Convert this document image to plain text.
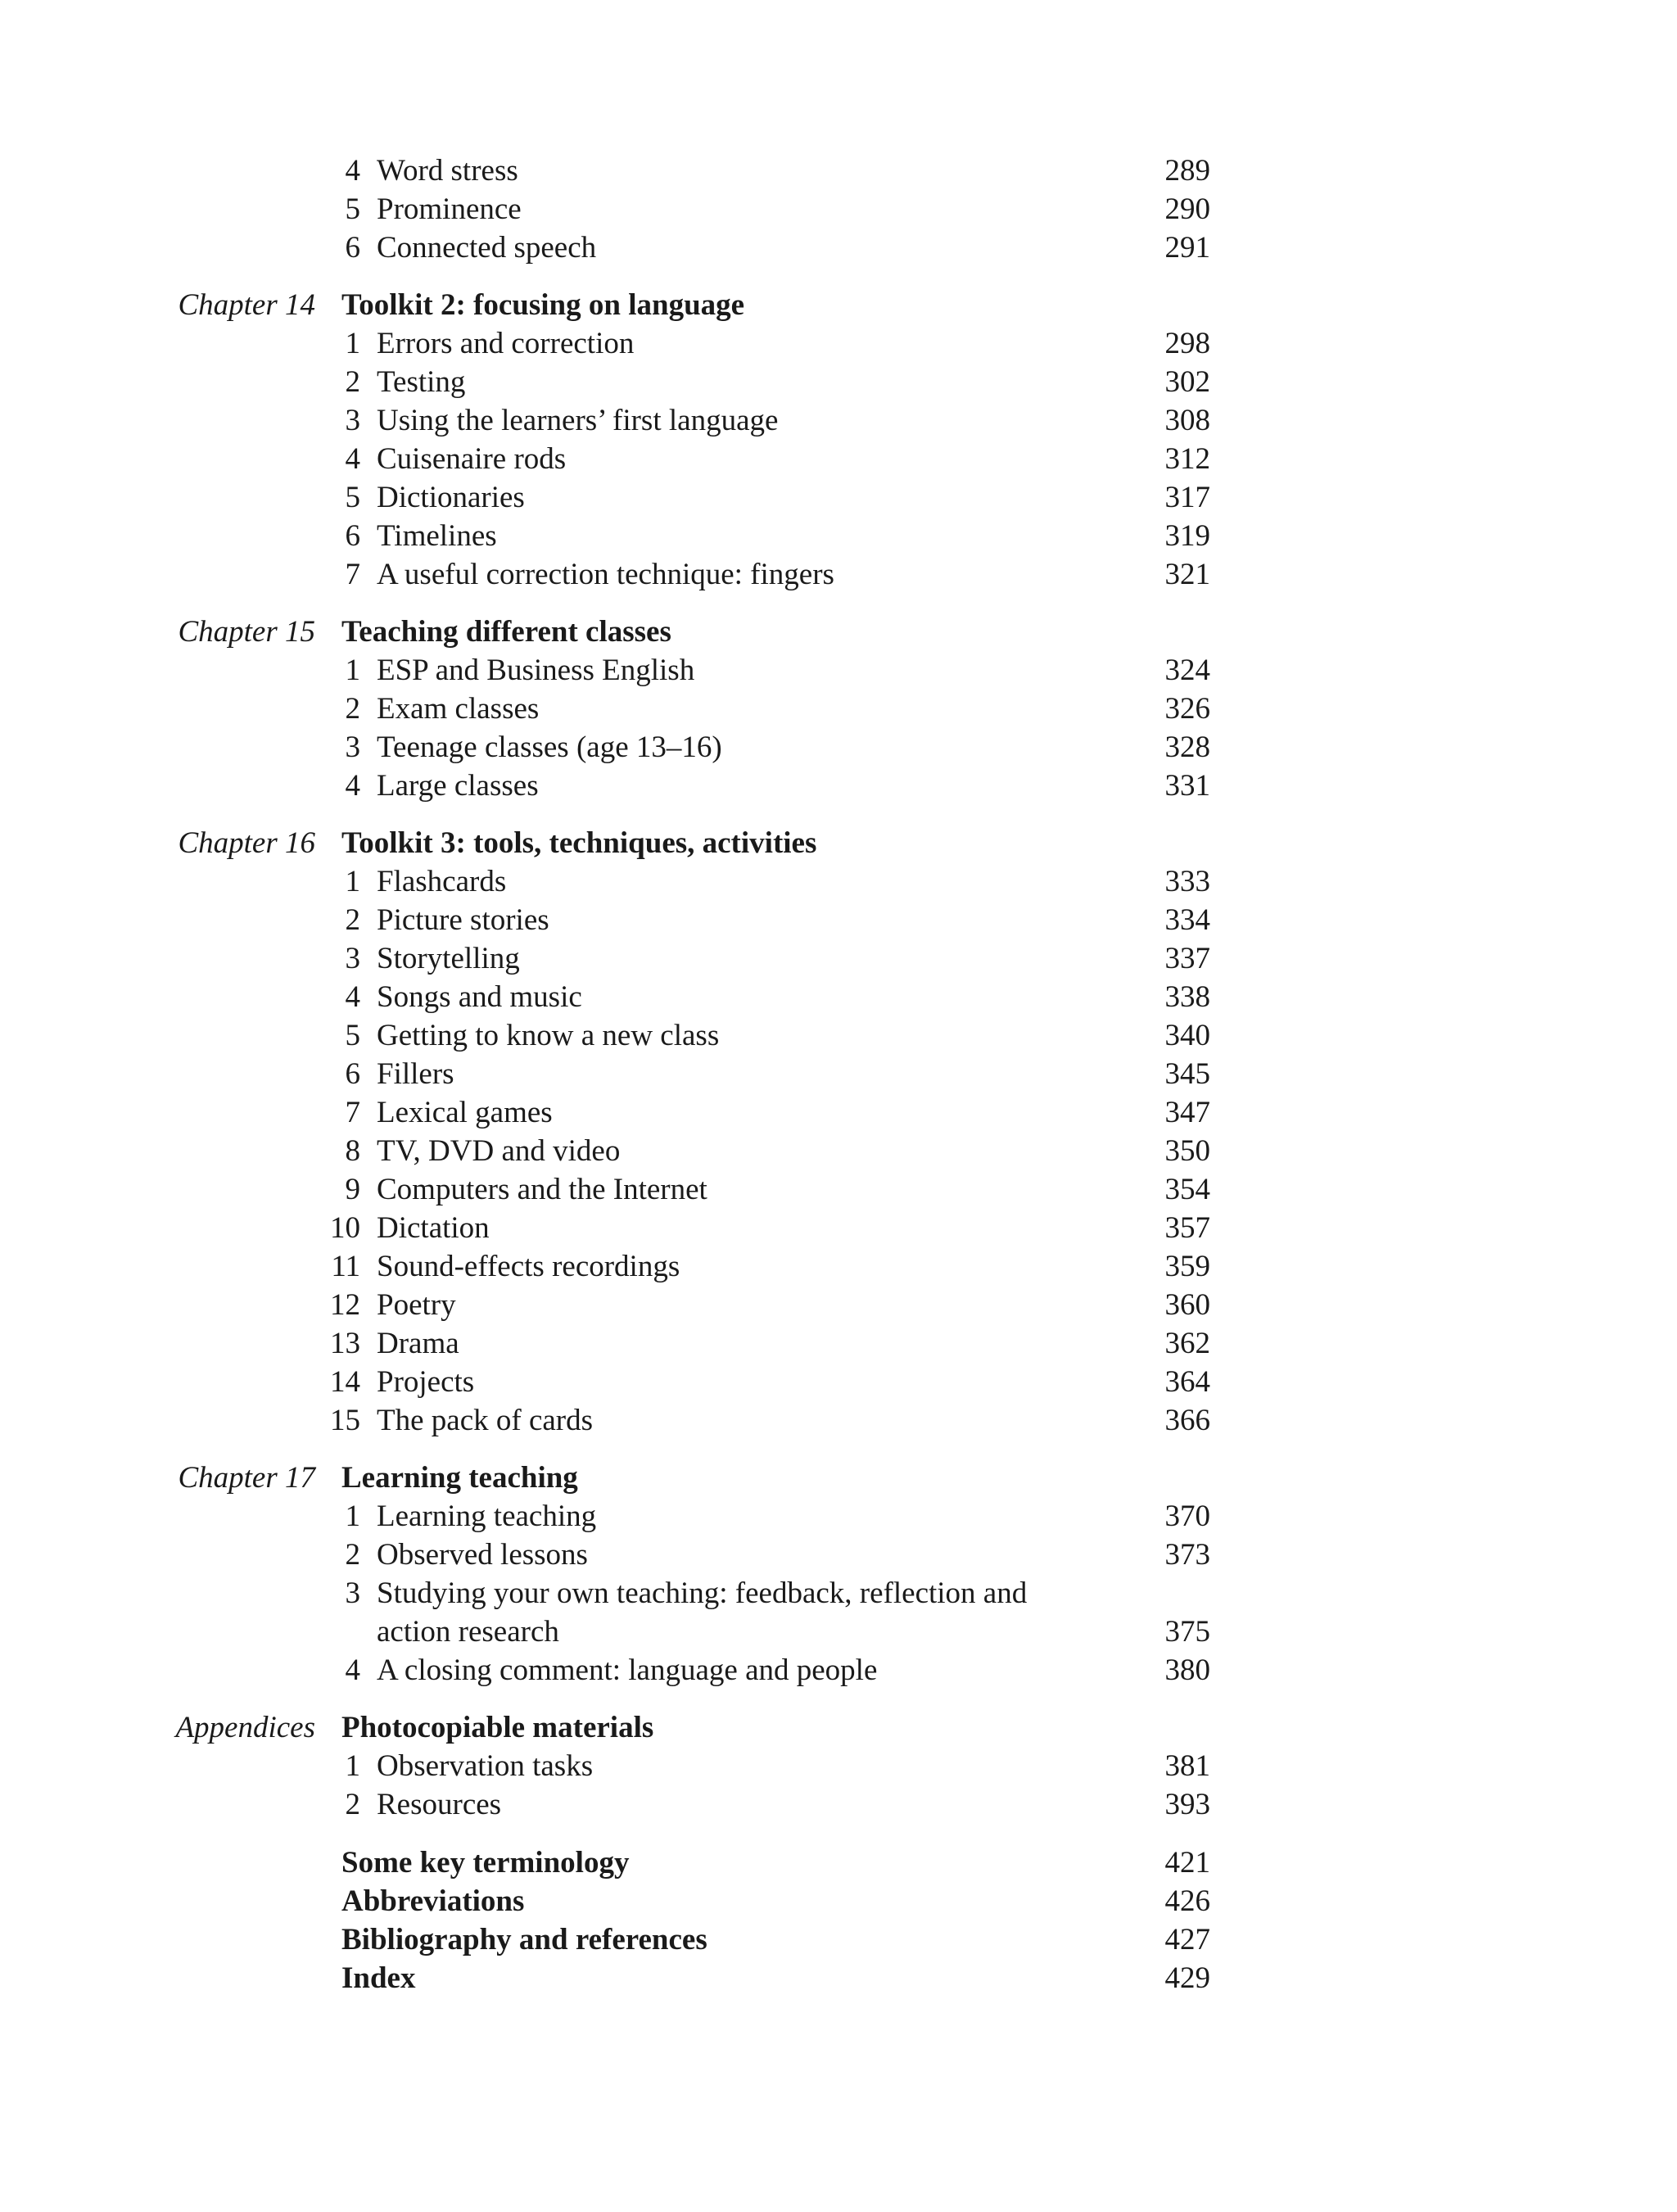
4 Word stress	289
5 Prominence	290
6 Connected speech	291
Chapter 14 Toolkit 2: focusing on language
1 Errors and correction	298
2 Testing	302
3 Using the learners’ first language	308
4 Cuisenaire rods	312
5 Dictionaries	317
6 Timelines	319
7 A useful correction technique: fingers	321
Chapter 15 Teaching different classes
1 ESP and Business English	324
2 Exam classes	326
3 Teenage classes (age 13–16)	328
4 Large classes	331
Chapter 16 Toolkit 3: tools, techniques, activities
1 Flashcards	333
2 Picture stories	334
3 Storytelling	337
4 Songs and music	338
5 Getting to know a new class	340
6 Fillers	345
7 Lexical games	347
8 TV, DVD and video	350
9 Computers and the Internet	354
10 Dictation	357
11 Sound-effects recordings	359
12 Poetry	360
13 Drama	362
14 Projects	364
15 The pack of cards	366
Chapter 17 Learning teaching
1 Learning teaching	370
2 Observed lessons	373
3 Studying your own teaching: feedback, reflection and
action research	375
4 A closing comment: language and people	380
Appendices Photocopiable materials
1 Observation tasks	381
2 Resources	393
Some key terminology	421
Abbreviations	426
Bibliography and references	427
Index	429
